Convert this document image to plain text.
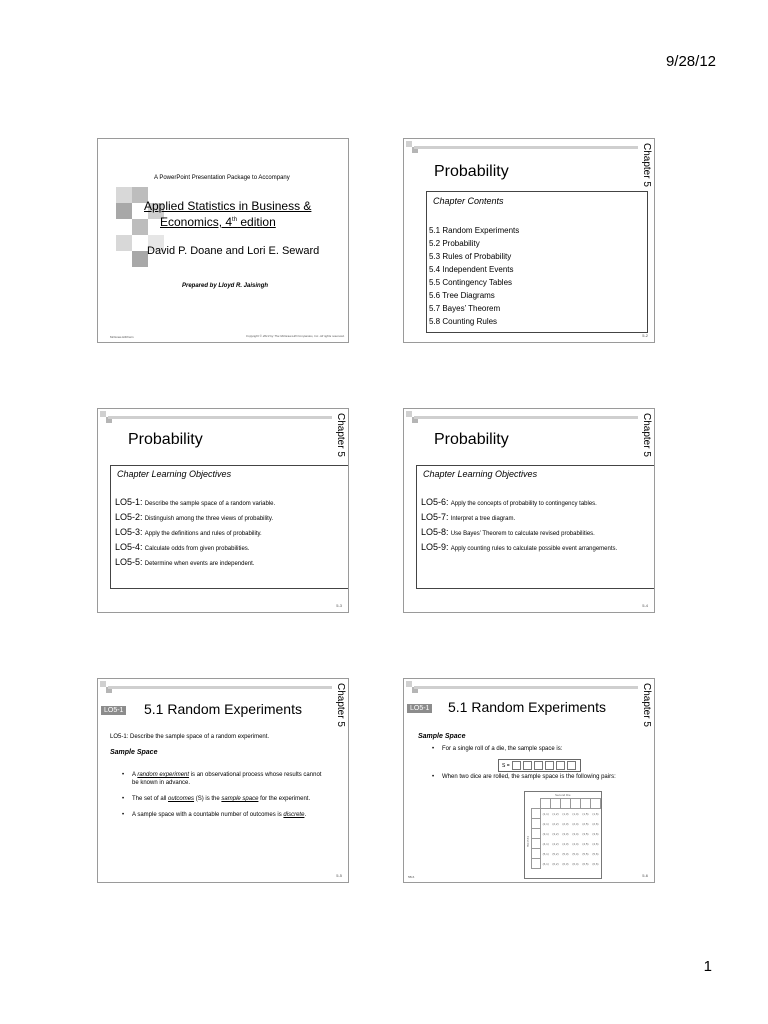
9/28/12
A PowerPoint Presentation Package to Accompany
Applied Statistics in Business &
Economics, 4th edition
David P. Doane and Lori E. Seward
Prepared by Lloyd R. Jaisingh
McGraw-Hill/Irwin	Copyright © 2013 by The McGraw-Hill Companies, Inc. All rights reserved.
Chapter 5
Probability
Chapter Contents
5.1 Random Experiments
5.2 Probability
5.3 Rules of Probability
5.4 Independent Events
5.5 Contingency Tables
5.6 Tree Diagrams
5.7 Bayes’ Theorem
5.8 Counting Rules
5-2
Chapter 5
Probability
Chapter Learning Objectives
LO5-1: Describe the sample space of a random variable.
LO5-2: Distinguish among the three views of probability.
LO5-3: Apply the definitions and rules of probability.
LO5-4: Calculate odds from given probabilities.
LO5-5: Determine when events are independent.
5-3
Chapter 5
Probability
Chapter Learning Objectives
LO5-6: Apply the concepts of probability to contingency tables.
LO5-7: Interpret a tree diagram.
LO5-8: Use Bayes’ Theorem to calculate revised probabilities.
LO5-9: Apply counting rules to calculate possible event arrangements.
5-4
Chapter 5
LO5-1 5.1 Random Experiments
LO5-1: Describe the sample space of a random experiment.
Sample Space
• A random experiment is an observational process whose results cannot be known in advance.
• The set of all outcomes (S) is the sample space for the experiment.
• A sample space with a countable number of outcomes is discrete.
5-5
Chapter 5
LO5-1 5.1 Random Experiments
Sample Space
• For a single roll of a die, the sample space is:
S =
• When two dice are rolled, the sample space is the following pairs:
Second Die
First Die

	(1,1)	(1,2)	(1,3)	(1,4)	(1,5)	(1,6)
	(2,1)	(2,2)	(2,3)	(2,4)	(2,5)	(2,6)
	(3,1)	(3,2)	(3,3)	(3,4)	(3,5)	(3,6)
	(4,1)	(4,2)	(4,3)	(4,4)	(4,5)	(4,6)
	(5,1)	(5,2)	(5,3)	(5,4)	(5,5)	(5,6)
	(6,1)	(6,2)	(6,3)	(6,4)	(6,5)	(6,6)
5B-6	5-6
1
